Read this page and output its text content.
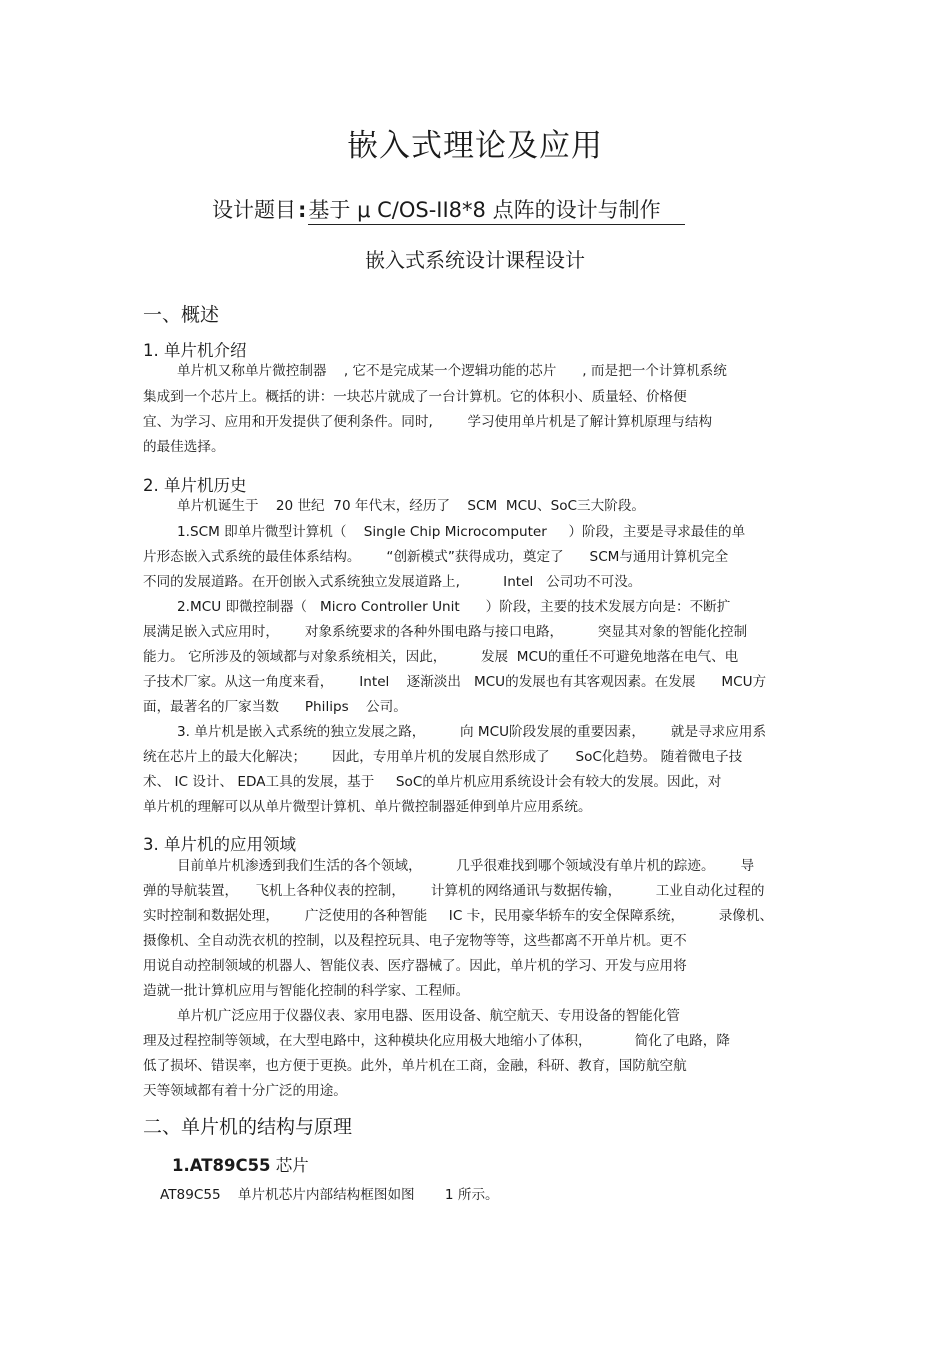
嵌入式理论及应用
设计题目:基于 μ C/OS-II8*8 点阵的设计与制作
嵌入式系统设计课程设计
一、概述
1. 单片机介绍
单片机又称单片微控制器    , 它不是完成某一个逻辑功能的芯片      , 而是把一个计算机系统
集成到一个芯片上。概括的讲：一块芯片就成了一台计算机。它的体积小、质量轻、价格便
宜、为学习、应用和开发提供了便利条件。同时,        学习使用单片机是了解计算机原理与结构
的最佳选择。
2. 单片机历史
单片机诞生于    20 世纪  70 年代末，经历了    SCM  MCU、SoC三大阶段。
1.SCM 即单片微型计算机（    Single Chip Microcomputer     ）阶段，主要是寻求最佳的单
片形态嵌入式系统的最佳体系结构。      “创新模式”获得成功，奠定了      SCM与通用计算机完全
不同的发展道路。在开创嵌入式系统独立发展道路上,          Intel   公司功不可没。
2.MCU 即微控制器（   Micro Controller Unit      ）阶段，主要的技术发展方向是：不断扩
展满足嵌入式应用时，      对象系统要求的各种外围电路与接口电路，        突显其对象的智能化控制
能力。 它所涉及的领域都与对象系统相关，因此，        发展  MCU的重任不可避免地落在电气、电
子技术厂家。从这一角度来看，      Intel    逐渐淡出   MCU的发展也有其客观因素。在发展      MCU方
面，最著名的厂家当数      Philips    公司。
3. 单片机是嵌入式系统的独立发展之路，        向 MCU阶段发展的重要因素，      就是寻求应用系
统在芯片上的最大化解决；      因此，专用单片机的发展自然形成了      SoC化趋势。 随着微电子技
术、 IC 设计、 EDA工具的发展，基于     SoC的单片机应用系统设计会有较大的发展。因此，对
单片机的理解可以从单片微型计算机、单片微控制器延伸到单片应用系统。
3. 单片机的应用领域
目前单片机渗透到我们生活的各个领域，        几乎很难找到哪个领域没有单片机的踪迹。      导
弹的导航装置，    飞机上各种仪表的控制，      计算机的网络通讯与数据传输，        工业自动化过程的
实时控制和数据处理，      广泛使用的各种智能     IC 卡，民用豪华轿车的安全保障系统，        录像机、
摄像机、全自动洗衣机的控制，以及程控玩具、电子宠物等等，这些都离不开单片机。更不
用说自动控制领域的机器人、智能仪表、医疗器械了。因此，单片机的学习、开发与应用将
造就一批计算机应用与智能化控制的科学家、工程师。
单片机广泛应用于仪器仪表、家用电器、医用设备、航空航天、专用设备的智能化管
理及过程控制等领域，在大型电路中，这种模块化应用极大地缩小了体积，          简化了电路，降
低了损坏、错误率，也方便于更换。此外，单片机在工商，金融，科研、教育，国防航空航
天等领域都有着十分广泛的用途。
二、单片机的结构与原理
1.AT89C55 芯片
AT89C55    单片机芯片内部结构框图如图       1 所示。
